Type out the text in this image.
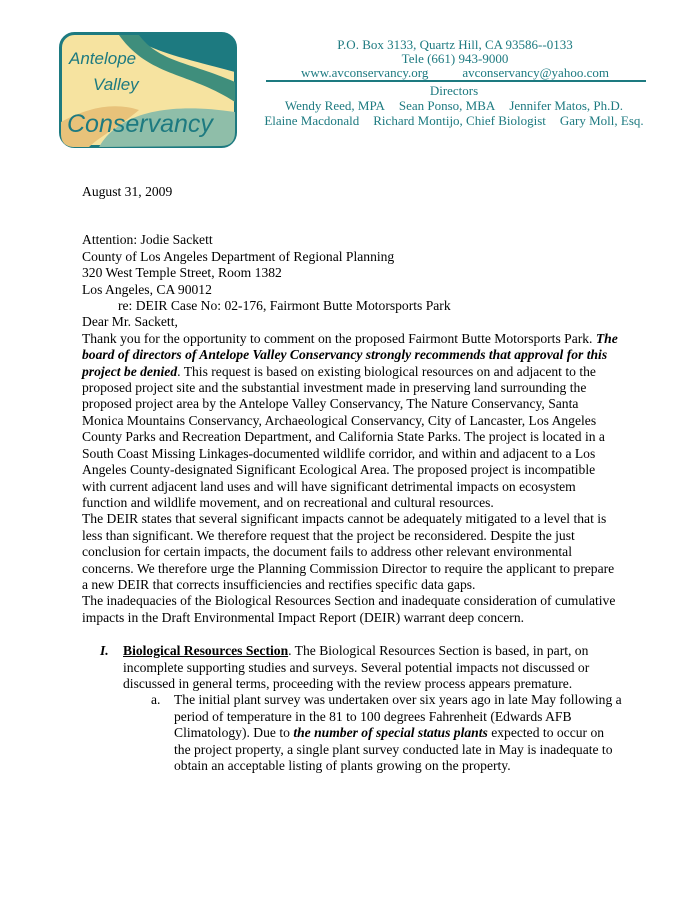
Antelope
Valley
Conservancy
P.O. Box 3133, Quartz Hill, CA 93586--0133
Tele (661) 943-9000
www.avconservancy.org	avconservancy@yahoo.com
Directors
Wendy Reed, MPA Sean Ponso, MBA Jennifer Matos, Ph.D.
Elaine Macdonald Richard Montijo, Chief Biologist Gary Moll, Esq.

August 31, 2009

Attention: Jodie Sackett

County of Los Angeles Department of Regional Planning

320 West Temple Street, Room 1382

Los Angeles, CA 90012

re: DEIR Case No: 02-176, Fairmont Butte Motorsports Park

Dear Mr. Sackett,

Thank you for the opportunity to comment on the proposed Fairmont Butte Motorsports Park. The board of directors of Antelope Valley Conservancy strongly recommends that approval for this project be denied. This request is based on existing biological resources on and adjacent to the proposed project site and the substantial investment made in preserving land surrounding the proposed project area by the Antelope Valley Conservancy, The Nature Conservancy, Santa Monica Mountains Conservancy, Archaeological Conservancy, City of Lancaster, Los Angeles County Parks and Recreation Department, and California State Parks. The project is located in a South Coast Missing Linkages-documented wildlife corridor, and within and adjacent to a Los Angeles County-designated Significant Ecological Area. The proposed project is incompatible with current adjacent land uses and will have significant detrimental impacts on ecosystem function and wildlife movement, and on recreational and cultural resources.

The DEIR states that several significant impacts cannot be adequately mitigated to a level that is less than significant. We therefore request that the project be reconsidered. Despite the just conclusion for certain impacts, the document fails to address other relevant environmental concerns. We therefore urge the Planning Commission Director to require the applicant to prepare a new DEIR that corrects insufficiencies and rectifies specific data gaps.

The inadequacies of the Biological Resources Section and inadequate consideration of cumulative impacts in the Draft Environmental Impact Report (DEIR) warrant deep concern.

I. Biological Resources Section. The Biological Resources Section is based, in part, on incomplete supporting studies and surveys. Several potential impacts not discussed or discussed in general terms, proceeding with the review process appears premature.
a. The initial plant survey was undertaken over six years ago in late May following a period of temperature in the 81 to 100 degrees Fahrenheit (Edwards AFB Climatology). Due to the number of special status plants expected to occur on the project property, a single plant survey conducted late in May is inadequate to obtain an acceptable listing of plants growing on the property.
